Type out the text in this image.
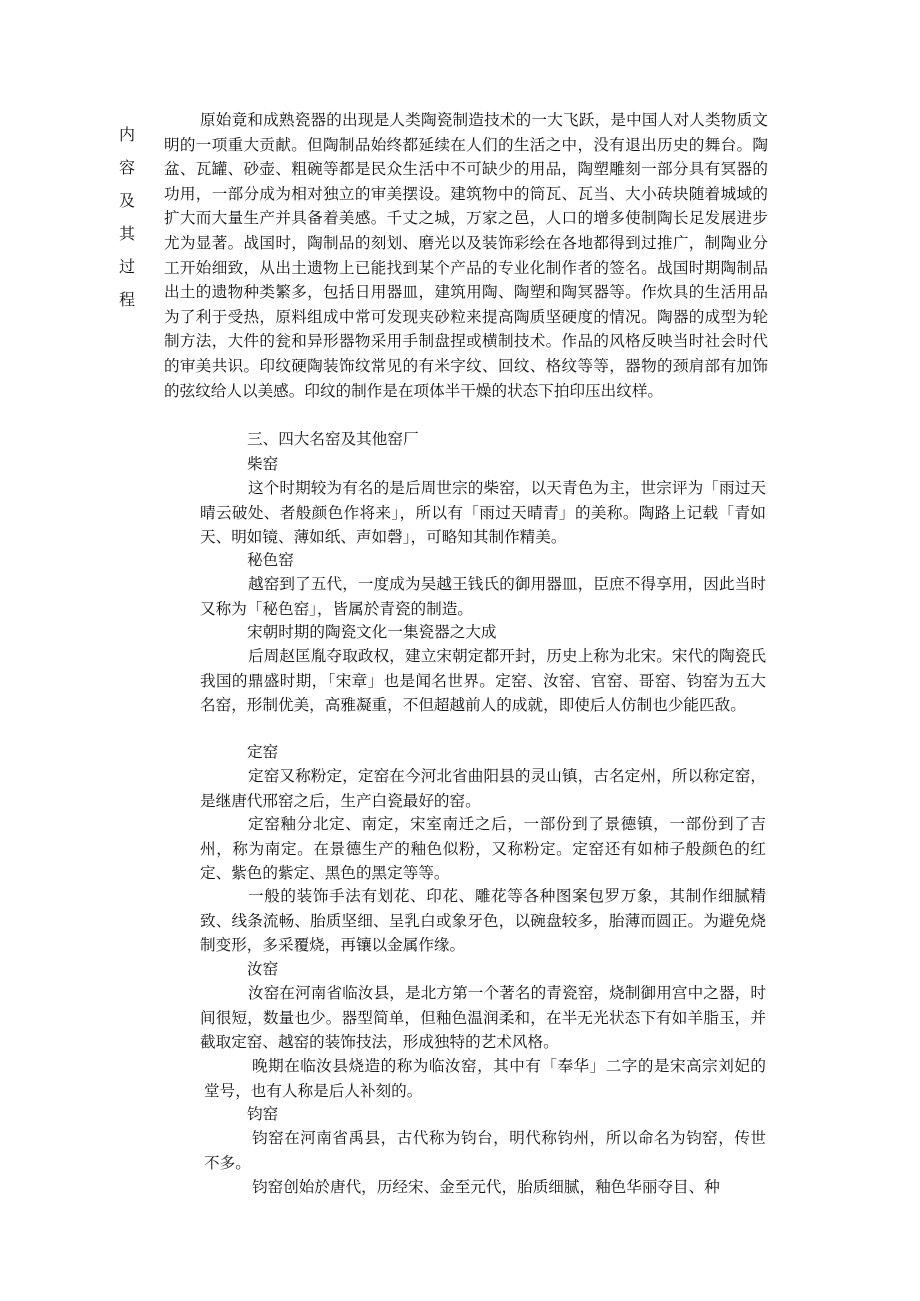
内
容
及
其
过
程

原始竟和成熟瓷器的出现是人类陶瓷制造技术的一大飞跃，是中国人对人类物质文明的一项重大贡献。但陶制品始终都延续在人们的生活之中，没有退出历史的舞台。陶盆、瓦罐、砂壶、粗碗等都是民众生活中不可缺少的用品，陶塑雕刻一部分具有冥器的功用，一部分成为相对独立的审美摆设。建筑物中的筒瓦、瓦当、大小砖块随着城域的扩大而大量生产并具备着美感。千丈之城，万家之邑，人口的增多使制陶长足发展进步尤为显著。战国时，陶制品的刻划、磨光以及装饰彩绘在各地都得到过推广，制陶业分工开始细致，从出土遗物上已能找到某个产品的专业化制作者的签名。战国时期陶制品出土的遗物种类繁多，包括日用器皿，建筑用陶、陶塑和陶冥器等。作炊具的生活用品为了利于受热，原料组成中常可发现夹砂粒来提高陶质坚硬度的情况。陶器的成型为轮制方法，大件的瓮和异形器物采用手制盘捏或横制技术。作品的风格反映当时社会时代的审美共识。印纹硬陶装饰纹常见的有米字纹、回纹、格纹等等，器物的颈肩部有加饰的弦纹给人以美感。印纹的制作是在项体半干燥的状态下拍印压出纹样。

三、四大名窑及其他窑厂

柴窑

这个时期较为有名的是后周世宗的柴窑，以天青色为主，世宗评为「雨过天晴云破处、者般颜色作将来」，所以有「雨过天晴青」的美称。陶路上记载「青如天、明如镜、薄如纸、声如磬」，可略知其制作精美。

秘色窑

越窑到了五代，一度成为吴越王钱氏的御用器皿，臣庶不得享用，因此当时又称为「秘色窑」，皆属於青瓷的制造。

宋朝时期的陶瓷文化一集瓷器之大成

后周赵匡胤夺取政权，建立宋朝定都开封，历史上称为北宋。宋代的陶瓷氏我国的鼎盛时期，「宋章」也是闻名世界。定窑、汝窑、官窑、哥窑、钧窑为五大名窑，形制优美，高雅凝重，不但超越前人的成就，即使后人仿制也少能匹敌。

定窑

定窑又称粉定，定窑在今河北省曲阳县的灵山镇，古名定州，所以称定窑，是继唐代邢窑之后，生产白瓷最好的窑。

定窑釉分北定、南定，宋室南迁之后，一部份到了景德镇，一部份到了吉州，称为南定。在景德生产的釉色似粉，又称粉定。定窑还有如柿子般颜色的红定、紫色的紫定、黑色的黑定等等。

一般的装饰手法有划花、印花、雕花等各种图案包罗万象，其制作细腻精致、线条流畅、胎质坚细、呈乳白或象牙色，以碗盘较多，胎薄而圆正。为避免烧制变形，多采覆烧，再镶以金属作缘。

汝窑

汝窑在河南省临汝县，是北方第一个著名的青瓷窑，烧制御用宫中之器，时间很短，数量也少。器型简单，但釉色温润柔和，在半无光状态下有如羊脂玉，并截取定窑、越窑的装饰技法，形成独特的艺术风格。

晚期在临汝县烧造的称为临汝窑，其中有「奉华」二字的是宋高宗刘妃的堂号，也有人称是后人补刻的。

钧窑

钧窑在河南省禹县，古代称为钧台，明代称钧州，所以命名为钧窑，传世不多。

钧窑创始於唐代，历经宋、金至元代，胎质细腻，釉色华丽夺目、种
